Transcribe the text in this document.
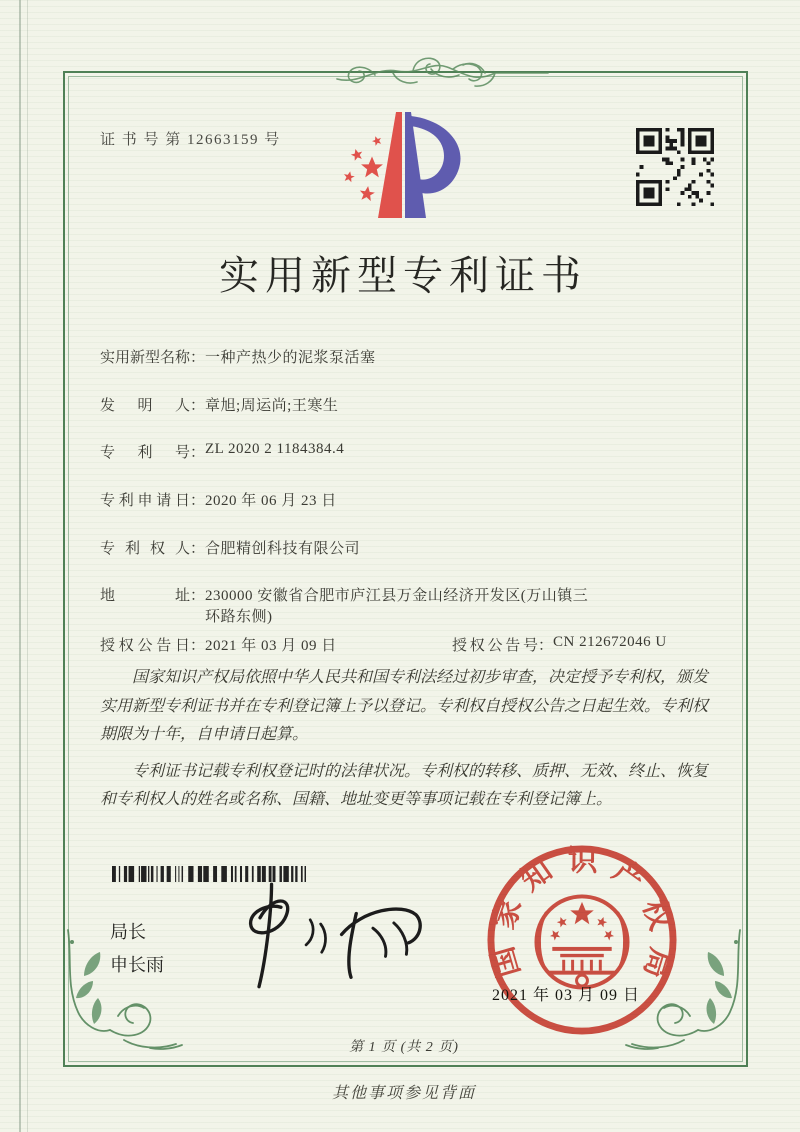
证 书 号 第 12663159 号
实用新型专利证书
实用新型名称：一种产热少的泥浆泵活塞
发明人：章旭;周运尚;王寒生
专利号：ZL 2020 2 1184384.4
专利申请日：2020 年 06 月 23 日
专利权人：合肥精创科技有限公司
地址：230000 安徽省合肥市庐江县万金山经济开发区(万山镇三
环路东侧)
授权公告日：2021 年 03 月 09 日	授权公告号：CN 212672046 U

国家知识产权局依照中华人民共和国专利法经过初步审查，决定授予专利权，颁发实用新型专利证书并在专利登记簿上予以登记。专利权自授权公告之日起生效。专利权期限为十年，自申请日起算。

专利证书记载专利权登记时的法律状况。专利权的转移、质押、无效、终止、恢复和专利权人的姓名或名称、国籍、地址变更等事项记载在专利登记簿上。

局长
申长雨	国家知识产权局
2021 年 03 月 09 日
第 1 页 (共 2 页)
其他事项参见背面
